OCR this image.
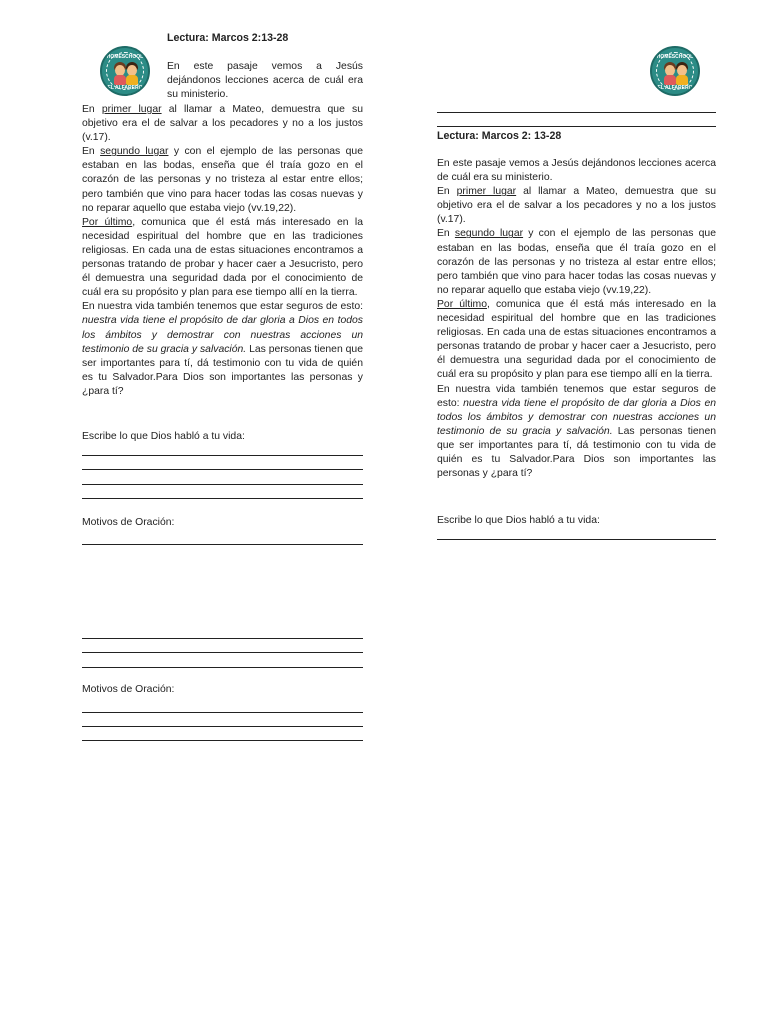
HOMESCHOOL
EL ALFARERO
Lectura: Marcos 2:13-28
En este pasaje vemos a Jesús dejándonos lecciones acerca de cuál era su ministerio.

En primer lugar al llamar a Mateo, demuestra que su objetivo era el de salvar a los pecadores y no a los justos (v.17).

En segundo lugar y con el ejemplo de las personas que estaban en las bodas, enseña que él traía gozo en el corazón de las personas y no tristeza al estar entre ellos; pero también que vino para hacer todas las cosas nuevas y no reparar aquello que estaba viejo (vv.19,22).

Por último, comunica que él está más interesado en la necesidad espiritual del hombre que en las tradiciones religiosas. En cada una de estas situaciones encontramos a personas tratando de probar y hacer caer a Jesucristo, pero él demuestra una seguridad dada por el conocimiento de cuál era su propósito y plan para ese tiempo allí en la tierra.

En nuestra vida también tenemos que estar seguros de esto: nuestra vida tiene el propósito de dar gloria a Dios en todos los ámbitos y demostrar con nuestras acciones un testimonio de su gracia y salvación. Las personas tienen que ser importantes para tí, dá testimonio con tu vida de quién es tu Salvador.Para Dios son importantes las personas y ¿para tí?

Escribe lo que Dios habló a tu vida:
Motivos de Oración:
Motivos de Oración:
HOMESCHOOL
EL ALFARERO
Lectura: Marcos 2: 13-28

En este pasaje vemos a Jesús dejándonos lecciones acerca de cuál era su ministerio.

En primer lugar al llamar a Mateo, demuestra que su objetivo era el de salvar a los pecadores y no a los justos (v.17).

En segundo lugar y con el ejemplo de las personas que estaban en las bodas, enseña que él traía gozo en el corazón de las personas y no tristeza al estar entre ellos; pero también que vino para hacer todas las cosas nuevas y no reparar aquello que estaba viejo (vv.19,22).

Por último, comunica que él está más interesado en la necesidad espiritual del hombre que en las tradiciones religiosas. En cada una de estas situaciones encontramos a personas tratando de probar y hacer caer a Jesucristo, pero él demuestra una seguridad dada por el conocimiento de cuál era su propósito y plan para ese tiempo allí en la tierra.

En nuestra vida también tenemos que estar seguros de esto: nuestra vida tiene el propósito de dar gloria a Dios en todos los ámbitos y demostrar con nuestras acciones un testimonio de su gracia y salvación. Las personas tienen que ser importantes para tí, dá testimonio con tu vida de quién es tu Salvador.Para Dios son importantes las personas y ¿para tí?

Escribe lo que Dios habló a tu vida:
